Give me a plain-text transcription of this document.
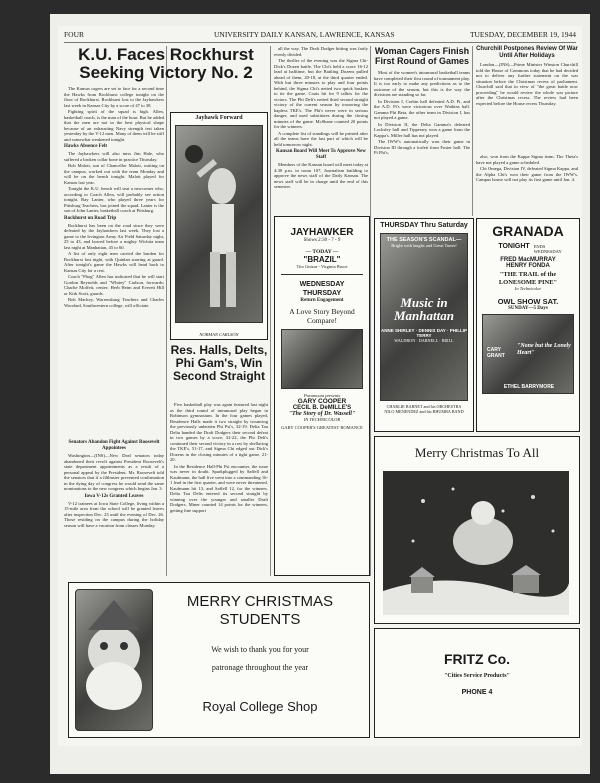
FOUR	UNIVERSITY DAILY KANSAN, LAWRENCE, KANSAS	TUESDAY, DECEMBER 19, 1944
K.U. Faces Rockhurst Seeking Victory No. 2

The Kansas cagers are set to face for a second time the Hawks from Rockhurst college tonight on the floor of Rockhurst. Rockhurst lost to the Jayhawkers last week in Kansas City by a score of 47 to 38.

Fighting spirit of the squad is high. Allen, basketball coach, is the man of the hour. But he added that the men are not in the best physical shape because of an exhausting Navy strength test taken yesterday by the V-12 men. Many of them will be stiff and somewhat weakened tonight.

Hawks Absence Felt

The Jayhawkers will also miss Jim Hale, who suffered a broken collar bone in practice Thursday.

Bob Malott, son of Chancellor Malott, waiting on the campus, worked out with the team Monday and will be on the bench tonight. Malott played for Kansas last year.

Tonight the K.U. bench will seat a newcomer who, according to Coach Allen, will probably see action tonight. Ray Lanier, who played three years for Pittsburg Teachers, has joined the squad. Lanier is the son of John Lanier, basketball coach at Pittsburg.

Rockhurst on Road Trip

Rockhurst has been on the road since they were defeated by the Jayhawkers last week. They lost a game to the Irvington Army Air Field Saturday night, 25 to 43, and bowed before a mighty Wichita team last night at Manhattan, 45 to 60.

A list of only eight men carried the burden for Rockhurst last night, with Quinlan starring at guard. After tonight's game the Hawks will head back to Kansas City for a rest.

Coach "Phog" Allen has indicated that he will start Gordon Reynolds and "Whitey" Carlson, forwards; Charlie Moffett, center; Herb Heim and Everett Hill or Kirk Scott, guards.

Bob Mackey, Warrensburg Teachers and Charles Woodard, Southwestern college, will officiate.

Senators Abandon Fight Against Roosevelt Appointees

Washington—(INS)—New Deal senators today abandoned their revolt against President Roosevelt's state department appointments as a result of a personal appeal by the President. Mr. Roosevelt told the senators that if a filibuster prevented confirmation in the dying day of congress he would send the same nominations to the new congress which begins Jan. 3.

Iowa V-12s Granted Leaves

V-12 trainees at Iowa State College, living within a 15-mile area from the school will be granted leaves after inspection Dec. 23 until the evening of Dec. 26. Those residing on the campus during the holiday season will have a vacation from classes Monday.

Jayhawk Forward
NORMAN CARLSON
Res. Halls, Delts, Phi Gam's, Win Second Straight

Five basketball play was again featured last night as the third round of intramural play began in Robinson gymnasium. In the four games played, Residence Halls made it two straight by trouncing the previously unbeaten Phi Psi's, 32-19. Delta Tau Delta handed the Draft Dodgers their second defeat in two games by a score, 32-22, the Phi Delt's continued their second victory in a row by shellacing the TKE's, 51-17, and Sigma Chi edged out Dick's Dozens in the closing minutes of a tight game, 21-20.

In the Residence Hall-Phi Psi encounter, the issue was never in doubt. Sparkplugged by Saffell and Kaufmann, the hall five went into a commanding 16-1 lead in the first quarter, and were never threatened. Kaufmann hit 13, and Saffell 12, for the winners. Delta Tau Delts entered its second straight by winning over the younger and smaller Draft Dodgers. Miner counted 14 points for the winners, getting fine support

all the way. The Draft Dodger hitting was fairly evenly divided.

The thriller of the evening was the Sigma Chi-Dick's Dozen battle. The Chi's held a score 16-12 lead at halftime, but the Battling Dozens pulled ahead of them, 20-18, at the third quarter ended. With but three minutes to play and four points behind, the Sigma Chi's netted two quick baskets to tie the game. Coats hit for 9 tallies for the victors. The Phi Delt's netted third second straight victory of the current season by trouncing the hapless TKE's. The Phi's never were in serious danger, and used substitutes during the closing minutes of the game. McShane counted 20 points for the winners.

A complete list of standings will be printed after all the teams have the last part of which will be held tomorrow night.

Kansan Board Will Meet To Approve New Staff

Members of the Kansan board will meet today at 4:30 p.m. in room 107, Journalism building to approve the news staff of the Daily Kansan. The news staff will be in charge until the end of this semester.

JAYHAWKER
Shows 2:30 - 7 - 9
— TODAY —
"BRAZIL"
Tito Guizar - Virginia Bruce
WEDNESDAY THURSDAY
Return Engagement
A Love Story Beyond Compare!
Paramount presents
GARY COOPER
CECIL B. DeMILLE'S
"The Story of Dr. Wassell"
IN TECHNICOLOR
GARY COOPER'S GREATEST ROMANCE
Woman Cagers Finish First Round of Games

Most of the women's intramural basketball teams have completed their first round of tournament play. It is too early to make any predictions as to the outcome of the season, but this is the way the divisions are standing so far.

In Division I, Corbin hall defeated A.D. Pi, and the A.D. Pi's were victorious over Watkins hall. Gamma Phi Beta, the other team in Division I, has not played a game.

In Division II, the Delta Gamma's defeated Locksley hall and Tipperary won a game from the Kappa's. Miller hall has not played.

The IWW's automatically won their game in Division III through a forfeit from Foster hall. The Pi Phi's,

Churchill Postpones Review Of War Until After Holidays

London—(INS)—Prime Minister Winston Churchill told the House of Commons today that he had decided not to deliver any further statement on the war situation before the Christmas recess of parliament. Churchill said that in view of "the great battle now proceeding" he would review the whole war picture after the Christmas recess. The review had been expected before the House recess Thursday.

also, won from the Kappa Sigma team. The Theta's have not played a game scheduled.

Chi Omega, Division IV, defeated Sigma Kappa, and the Alpha Chi's won their game from the IWW's. Campus house will not play its first game until Jan. 4.

THURSDAY Thru Saturday
THE SEASON'S SCANDAL—
Bright with laughs and Great Tunes!
Music in Manhattan
ANNE SHIRLEY · DENNIS DAY · PHILLIP TERRY
WALDRON · DARNELL · BRILL
CHARLIE BARNET and his ORCHESTRA
NILO MENENDEZ and his RHUMBA BAND
GRANADA
TONIGHT ENDS WEDNESDAY
FRED MacMURRAY
HENRY FONDA
"THE TRAIL of the LONESOME PINE"
In Technicolor
OWL SHOW SAT.
SUNDAY—5 Days
CARY GRANT
"None but the Lonely Heart"
ETHEL BARRYMORE
Merry Christmas To All
MERRY CHRISTMAS
STUDENTS
We wish to thank you for your
patronage throughout the year
Royal College Shop
FRITZ Co.
"Cities Service Products"
PHONE 4
